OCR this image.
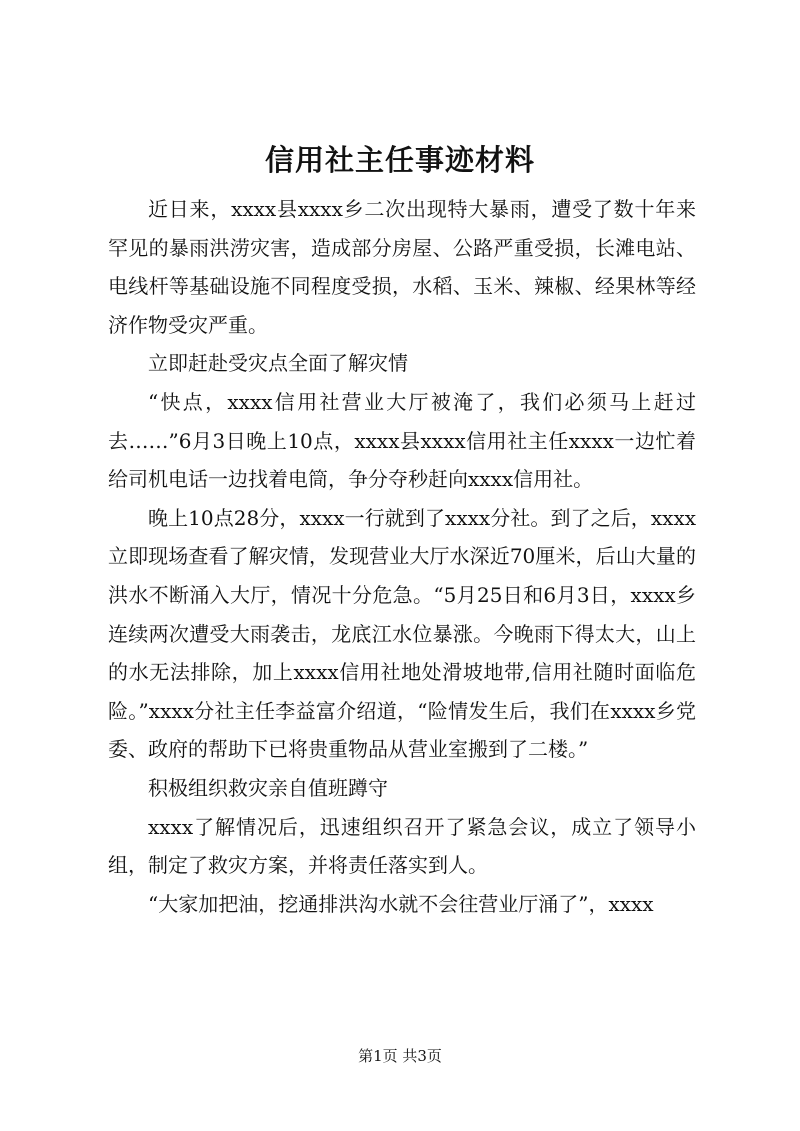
信用社主任事迹材料

近日来，xxxx县xxxx乡二次出现特大暴雨，遭受了数十年来罕见的暴雨洪涝灾害，造成部分房屋、公路严重受损，长滩电站、电线杆等基础设施不同程度受损，水稻、玉米、辣椒、经果林等经济作物受灾严重。

立即赶赴受灾点全面了解灾情

“快点，xxxx信用社营业大厅被淹了，我们必须马上赶过去……”6月3日晚上10点，xxxx县xxxx信用社主任xxxx一边忙着给司机电话一边找着电筒，争分夺秒赶向xxxx信用社。

晚上10点28分，xxxx一行就到了xxxx分社。到了之后，xxxx立即现场查看了解灾情，发现营业大厅水深近70厘米，后山大量的洪水不断涌入大厅，情况十分危急。“5月25日和6月3日，xxxx乡连续两次遭受大雨袭击，龙底江水位暴涨。今晚雨下得太大，山上的水无法排除，加上xxxx信用社地处滑坡地带,信用社随时面临危险。”xxxx分社主任李益富介绍道，“险情发生后，我们在xxxx乡党委、政府的帮助下已将贵重物品从营业室搬到了二楼。”

积极组织救灾亲自值班蹲守

xxxx了解情况后，迅速组织召开了紧急会议，成立了领导小组，制定了救灾方案，并将责任落实到人。

“大家加把油，挖通排洪沟水就不会往营业厅涌了”，xxxx

第1页 共3页
